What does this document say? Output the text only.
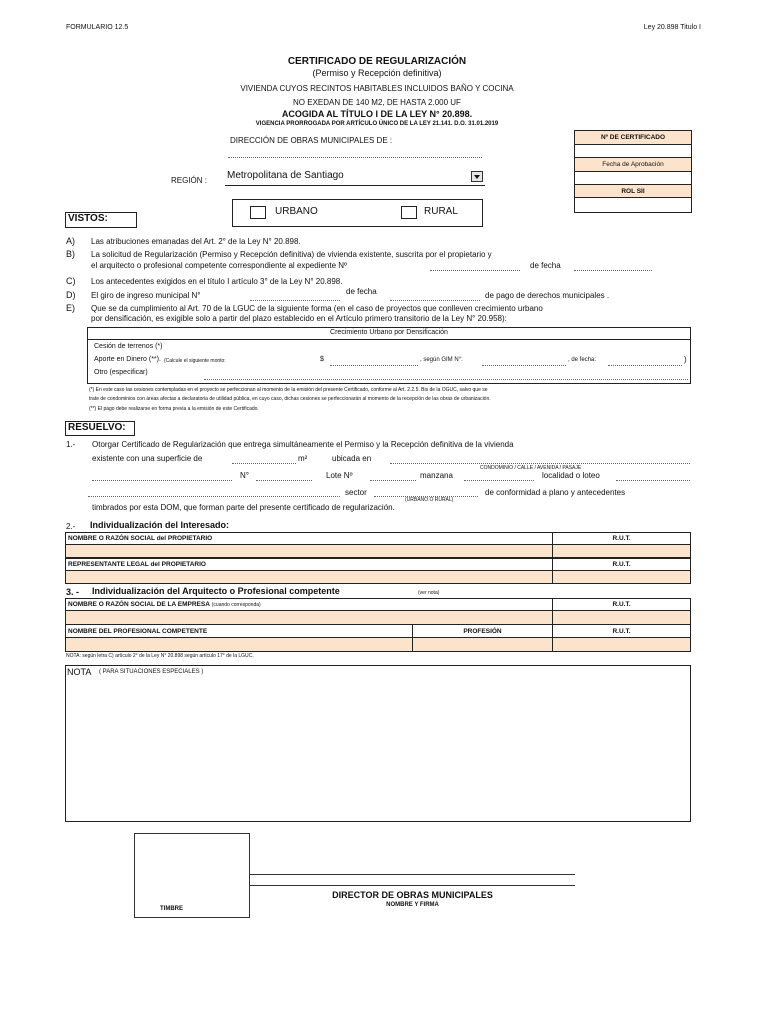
FORMULARIO 12.5	Ley 20.898 Titulo I
CERTIFICADO DE REGULARIZACIÓN
(Permiso y Recepción definitiva)
VIVIENDA CUYOS RECINTOS HABITABLES INCLUIDOS BAÑO Y COCINA
NO EXEDAN DE 140 M2, DE HASTA 2.000 UF
ACOGIDA AL TÍTULO I DE LA LEY N° 20.898.
VIGENCIA PRORROGADA POR ARTÍCULO ÚNICO DE LA LEY 21.141. D.O. 31.01.2019
DIRECCIÓN DE OBRAS MUNICIPALES DE :
REGIÓN : Metropolitana de Santiago
Nº DE CERTIFICADO
Fecha de Aprobación
ROL SII
URBANO	RURAL
VISTOS:
A) Las atribuciones emanadas del Art. 2° de la Ley N° 20.898.
B) La solicitud de Regularización (Permiso y Recepción definitiva) de vivienda existente, suscrita por el propietario y
el arquitecto o profesional competente correspondiente al expediente Nº	de fecha
C) Los antecedentes exigidos en el título I artículo 3° de la Ley N° 20.898.
D) El giro de ingreso municipal N°	de fecha	de pago de derechos municipales .
E) Que se da cumplimiento al Art. 70 de la LGUC de la siguiente forma (en el caso de proyectos que conlleven crecimiento urbano
por densificación, es exigible solo a partir del plazo establecido en el Artículo primero transitorio de la Ley N° 20.958):
Crecimiento Urbano por Densificación
Cesión de terrenos (*)
Aporte en Dinero (**). (Calcule el siguiente monto:	$	, según GIM N°:	, de fecha:	)
Otro (especificar)
(*) En este caso las cesiones contempladas en el proyecto se perfeccionan al momento de la emisión del presente Certificado, conforme al Art. 2.2.5. Bis de la OGUC, salvo que se
trate de condominios con áreas afectas a declaratoria de utilidad pública, en cuyo caso, dichas cesiones se perfeccionarán al momento de la recepción de las obras de urbanización.
(**) El pago debe realizarse en forma previa a la emisión de este Certificado.
RESUELVO:
1.- Otorgar Certificado de Regularización que entrega simultáneamente el Permiso y la Recepción definitiva de la vivienda
existente con una superficie de	m²	ubicada en
CONDOMINIO / CALLE / AVENIDA / PASAJE
N°	Lote Nº	manzana	localidad o loteo
sector
(URBANO O RURAL)
de conformidad a plano y antecedentes
timbrados por esta DOM, que forman parte del presente certificado de regularización.
2.- Individualización del Interesado:
NOMBRE O RAZÓN SOCIAL del PROPIETARIO	R.U.T.
REPRESENTANTE LEGAL del PROPIETARIO	R.U.T.
3. - Individualización del Arquitecto o Profesional competente	(ver nota)
NOMBRE O RAZÓN SOCIAL DE LA EMPRESA
(cuando corresponda)	R.U.T.
NOMBRE DEL PROFESIONAL COMPETENTE	PROFESIÓN	R.U.T.
NOTA: según letra C) artículo 2° de la Ley N° 20.898 según artículo 17° de la LGUC.
NOTA ( PARA SITUACIONES ESPECIALES )
TIMBRE
DIRECTOR DE OBRAS MUNICIPALES
NOMBRE Y FIRMA
